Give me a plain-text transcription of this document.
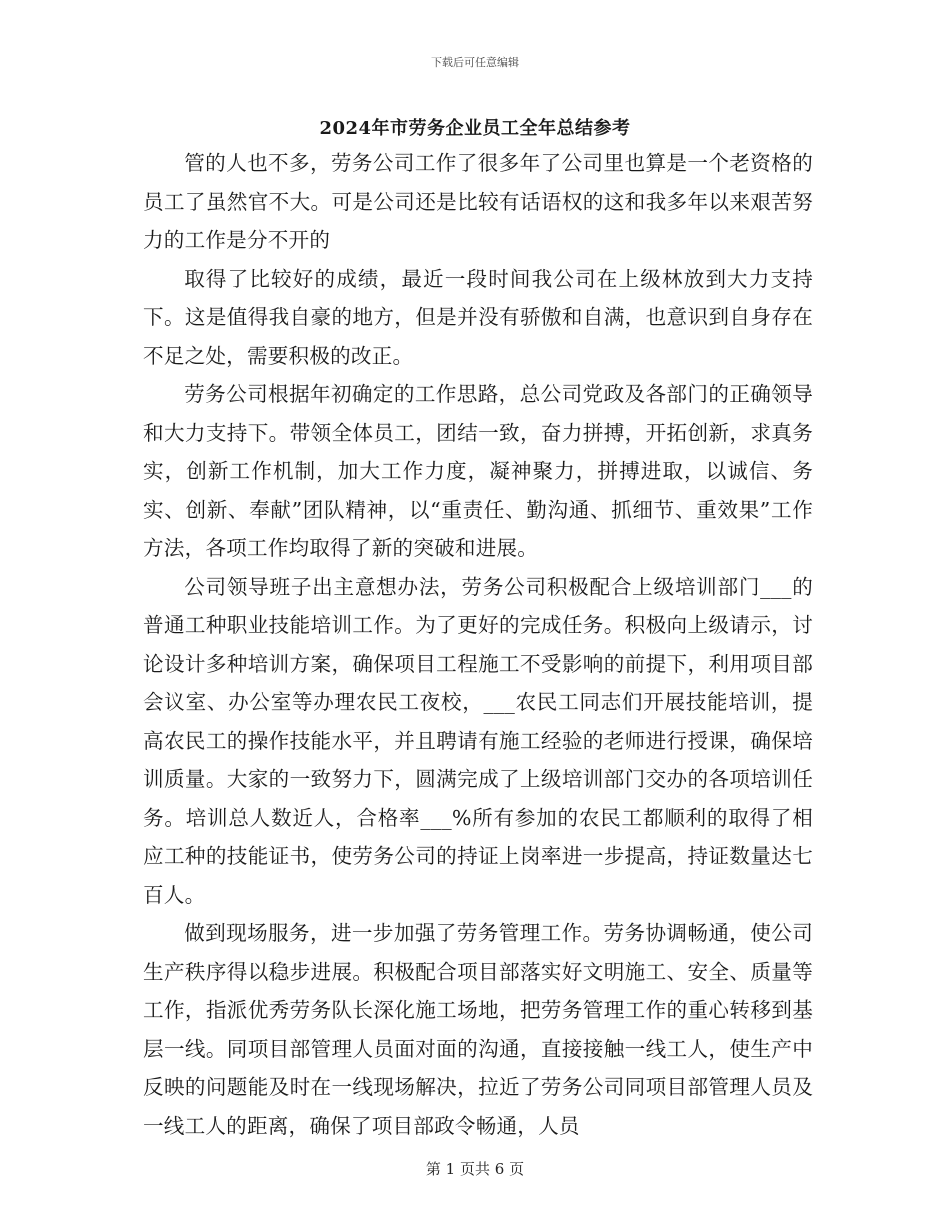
下载后可任意编辑
2024年市劳务企业员工全年总结参考

管的人也不多，劳务公司工作了很多年了公司里也算是一个老资格的员工了虽然官不大。可是公司还是比较有话语权的这和我多年以来艰苦努力的工作是分不开的

取得了比较好的成绩，最近一段时间我公司在上级林放到大力支持下。这是值得我自豪的地方，但是并没有骄傲和自满，也意识到自身存在不足之处，需要积极的改正。

劳务公司根据年初确定的工作思路，总公司党政及各部门的正确领导和大力支持下。带领全体员工，团结一致，奋力拼搏，开拓创新，求真务实，创新工作机制，加大工作力度，凝神聚力，拼搏进取，以诚信、务实、创新、奉献”团队精神，以“重责任、勤沟通、抓细节、重效果”工作方法，各项工作均取得了新的突破和进展。

公司领导班子出主意想办法，劳务公司积极配合上级培训部门___的普通工种职业技能培训工作。为了更好的完成任务。积极向上级请示，讨论设计多种培训方案，确保项目工程施工不受影响的前提下，利用项目部会议室、办公室等办理农民工夜校，___农民工同志们开展技能培训，提高农民工的操作技能水平，并且聘请有施工经验的老师进行授课，确保培训质量。大家的一致努力下，圆满完成了上级培训部门交办的各项培训任务。培训总人数近人，合格率___%所有参加的农民工都顺利的取得了相应工种的技能证书，使劳务公司的持证上岗率进一步提高，持证数量达七百人。

做到现场服务，进一步加强了劳务管理工作。劳务协调畅通，使公司生产秩序得以稳步进展。积极配合项目部落实好文明施工、安全、质量等工作，指派优秀劳务队长深化施工场地，把劳务管理工作的重心转移到基层一线。同项目部管理人员面对面的沟通，直接接触一线工人，使生产中反映的问题能及时在一线现场解决，拉近了劳务公司同项目部管理人员及一线工人的距离，确保了项目部政令畅通，人员

第 1 页共 6 页
